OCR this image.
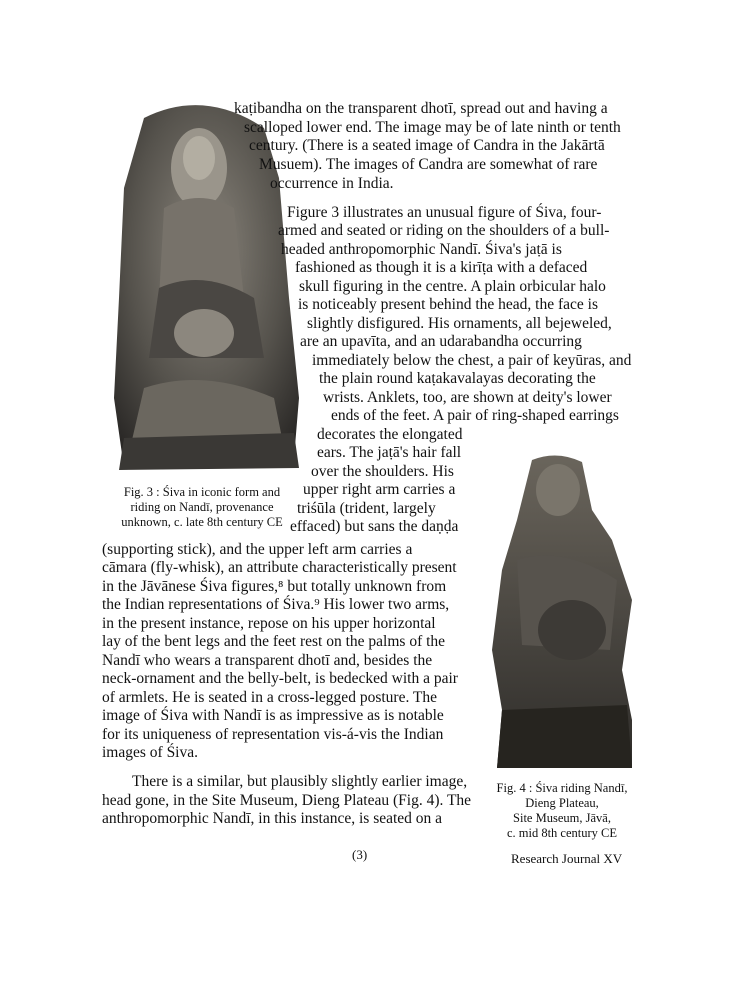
kaṭibandha on the transparent dhotī, spread out and having a
scalloped lower end. The image may be of late ninth or tenth
century. (There is a seated image of Candra in the Jakārtā
Musuem). The images of Candra are somewhat of rare
occurrence in India.
Figure 3 illustrates an unusual figure of Śiva, four-
armed and seated or riding on the shoulders of a bull-
headed anthropomorphic Nandī. Śiva's jaṭā is
fashioned as though it is a kirīṭa with a defaced
skull figuring in the centre. A plain orbicular halo
is noticeably present behind the head, the face is
slightly disfigured. His ornaments, all bejeweled,
are an upavīta, and an udarabandha occurring
immediately below the chest, a pair of keyūras, and
the plain round kaṭakavalayas decorating the
wrists. Anklets, too, are shown at deity's lower
ends of the feet. A pair of ring-shaped earrings
decorates the elongated
ears. The jaṭā's hair fall
over the shoulders. His
upper right arm carries a
triśūla (trident, largely
effaced) but sans the daṇḍa
Fig. 3 : Śiva in iconic form and
riding on Nandī, provenance
unknown, c. late 8th century CE
(supporting stick), and the upper left arm carries a
cāmara (fly-whisk), an attribute characteristically present
in the Jāvānese Śiva figures,⁸ but totally unknown from
the Indian representations of Śiva.⁹ His lower two arms,
in the present instance, repose on his upper horizontal
lay of the bent legs and the feet rest on the palms of the
Nandī who wears a transparent dhotī and, besides the
neck-ornament and the belly-belt, is bedecked with a pair
of armlets. He is seated in a cross-legged posture. The
image of Śiva with Nandī is as impressive as is notable
for its uniqueness of representation vis-á-vis the Indian
images of Śiva.
There is a similar, but plausibly slightly earlier image,
head gone, in the Site Museum, Dieng Plateau (Fig. 4). The
anthropomorphic Nandī, in this instance, is seated on a
Fig. 4 : Śiva riding Nandī,
Dieng Plateau,
Site Museum, Jāvā,
c. mid 8th century CE
(3)	Research Journal XV
